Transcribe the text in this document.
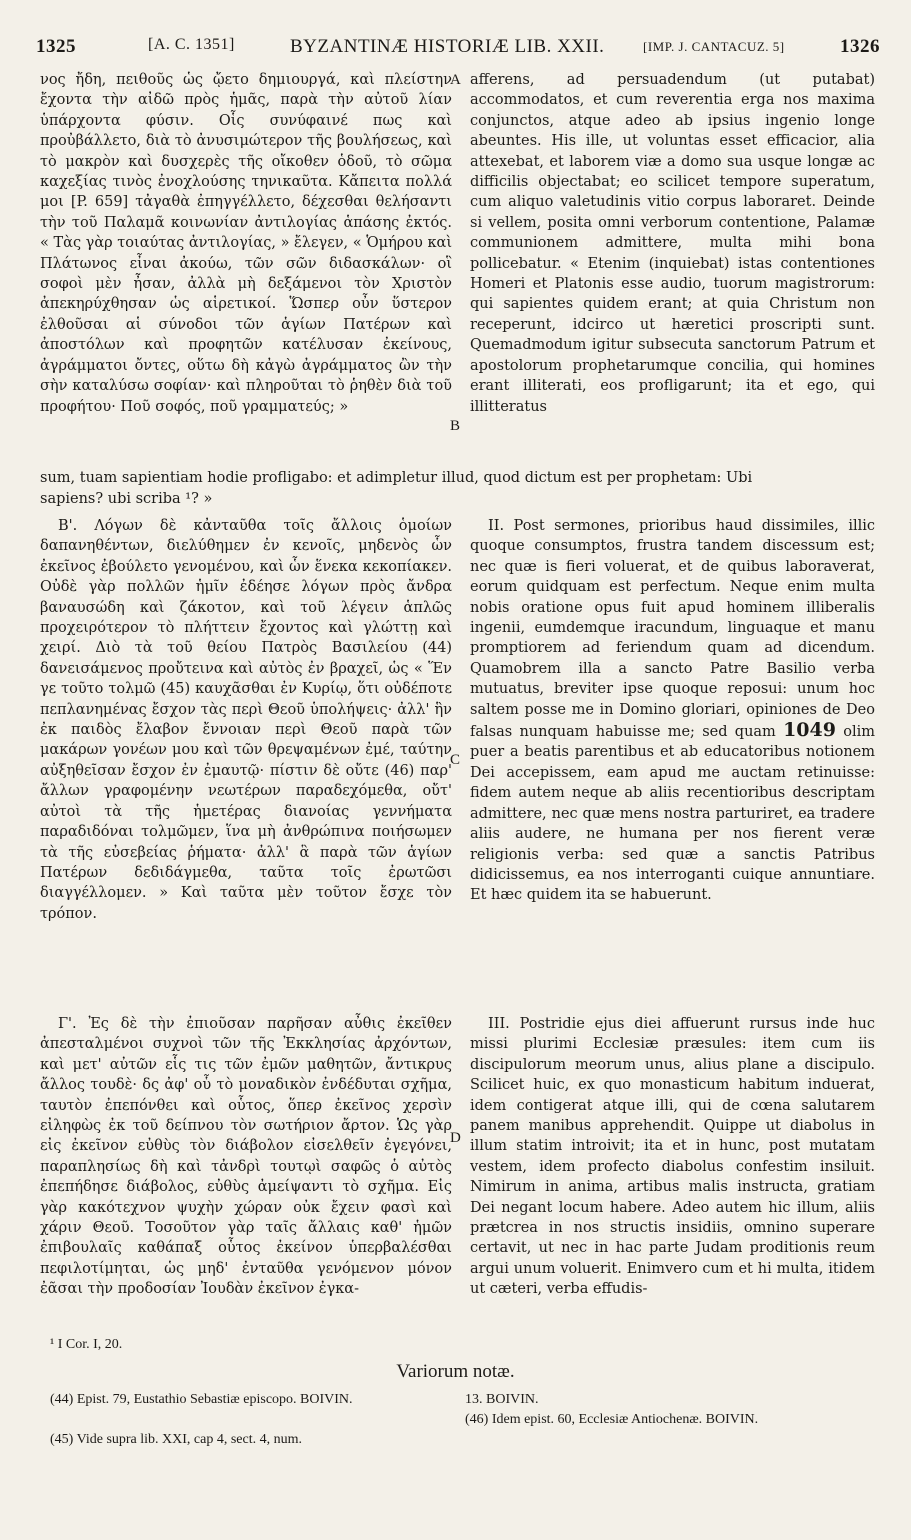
1325	[A. C. 1351]	BYZANTINÆ HISTORIÆ LIB. XXII.	[IMP. J. CANTACUZ. 5]	1326

νος ἤδη, πειθοῦς ὡς ᾤετο δημιουργά, καὶ πλείστην ἔχοντα τὴν αἰδῶ πρὸς ἡμᾶς, παρὰ τὴν αὐτοῦ λίαν ὑπάρχοντα φύσιν. Οἷς συνύφαινέ πως καὶ προὐβάλλετο, διὰ τὸ ἀνυσιμώτερον τῆς βουλήσεως, καὶ τὸ μακρὸν καὶ δυσχερὲς τῆς οἴκοθεν ὁδοῦ, τὸ σῶμα καχεξίας τινὸς ἐνοχλούσης τηνικαῦτα. Κἄπειτα πολλά μοι [P. 659] τἀγαθὰ ἐπηγγέλλετο, δέχεσθαι θελήσαντι τὴν τοῦ Παλαμᾶ κοινωνίαν ἀντιλογίας ἁπάσης ἐκτός. « Τὰς γὰρ τοιαύτας ἀντιλογίας, » ἔλεγεν, « Ὁμήρου καὶ Πλάτωνος εἶναι ἀκούω, τῶν σῶν διδασκάλων· οἳ σοφοὶ μὲν ἦσαν, ἀλλὰ μὴ δεξάμενοι τὸν Χριστὸν ἀπεκηρύχθησαν ὡς αἱρετικοί. Ὥσπερ οὖν ὕστερον ἐλθοῦσαι αἱ σύνοδοι τῶν ἁγίων Πατέρων καὶ ἀποστόλων καὶ προφητῶν κατέλυσαν ἐκείνους, ἀγράμματοι ὄντες, οὕτω δὴ κἀγὼ ἀγράμματος ὢν τὴν σὴν καταλύσω σοφίαν· καὶ πληροῦται τὸ ῥηθὲν διὰ τοῦ προφήτου· Ποῦ σοφός, ποῦ γραμματεύς; »

afferens, ad persuadendum (ut putabat) accommodatos, et cum reverentia erga nos maxima conjunctos, atque adeo ab ipsius ingenio longe abeuntes. His ille, ut voluntas esset efficacior, alia attexebat, et laborem viæ a domo sua usque longæ ac difficilis objectabat; eo scilicet tempore superatum, cum aliquo valetudinis vitio corpus laboraret. Deinde si vellem, posita omni verborum contentione, Palamæ communionem admittere, multa mihi bona pollicebatur. « Etenim (inquiebat) istas contentiones Homeri et Platonis esse audio, tuorum magistrorum: qui sapientes quidem erant; at quia Christum non receperunt, idcirco ut hæretici proscripti sunt. Quemadmodum igitur subsecuta sanctorum Patrum et apostolorum prophetarumque concilia, qui homines erant illiterati, eos profligarunt; ita et ego, qui illitteratus

A
B
sum, tuam sapientiam hodie profligabo: et adimpletur illud, quod dictum est per prophetam: Ubi
sapiens? ubi scriba ¹? »

Β'. Λόγων δὲ κἀνταῦθα τοῖς ἄλλοις ὁμοίων δαπανηθέντων, διελύθημεν ἐν κενοῖς, μηδενὸς ὧν ἐκεῖνος ἐβούλετο γενομένου, καὶ ὧν ἕνεκα κεκοπίακεν. Οὐδὲ γὰρ πολλῶν ἡμῖν ἐδέησε λόγων πρὸς ἄνδρα βαναυσώδη καὶ ζάκοτον, καὶ τοῦ λέγειν ἁπλῶς προχειρότερον τὸ πλήττειν ἔχοντος καὶ γλώττῃ καὶ χειρί. Διὸ τὰ τοῦ θείου Πατρὸς Βασιλείου (44) δανεισάμενος προὔτεινα καὶ αὐτὸς ἐν βραχεῖ, ὡς « Ἕν γε τοῦτο τολμῶ (45) καυχᾶσθαι ἐν Κυρίῳ, ὅτι οὐδέποτε πεπλανημένας ἔσχον τὰς περὶ Θεοῦ ὑπολήψεις· ἀλλ' ἣν ἐκ παιδὸς ἔλαβον ἔννοιαν περὶ Θεοῦ παρὰ τῶν μακάρων γονέων μου καὶ τῶν θρεψαμένων ἐμέ, ταύτην αὐξηθεῖσαν ἔσχον ἐν ἐμαυτῷ· πίστιν δὲ οὔτε (46) παρ' ἄλλων γραφομένην νεωτέρων παραδεχόμεθα, οὔτ' αὐτοὶ τὰ τῆς ἡμετέρας διανοίας γεννήματα παραδιδόναι τολμῶμεν, ἵνα μὴ ἀνθρώπινα ποιήσωμεν τὰ τῆς εὐσεβείας ῥήματα· ἀλλ' ἃ παρὰ τῶν ἁγίων Πατέρων δεδιδάγμεθα, ταῦτα τοῖς ἐρωτῶσι διαγγέλλομεν. » Καὶ ταῦτα μὲν τοῦτον ἔσχε τὸν τρόπον.

II. Post sermones, prioribus haud dissimiles, illic quoque consumptos, frustra tandem discessum est; nec quæ is fieri voluerat, et de quibus laboraverat, eorum quidquam est perfectum. Neque enim multa nobis oratione opus fuit apud hominem illiberalis ingenii, eumdemque iracundum, linguaque et manu promptiorem ad feriendum quam ad dicendum. Quamobrem illa a sancto Patre Basilio verba mutuatus, breviter ipse quoque reposui: unum hoc saltem posse me in Domino gloriari, opiniones de Deo falsas nunquam habuisse me; sed quam 1049 olim puer a beatis parentibus et ab educatoribus notionem Dei accepissem, eam apud me auctam retinuisse: fidem autem neque ab aliis recentioribus descriptam admittere, nec quæ mens nostra parturiret, ea tradere aliis audere, ne humana per nos fierent veræ religionis verba: sed quæ a sanctis Patribus didicissemus, ea nos interroganti cuique annuntiare. Et hæc quidem ita se habuerunt.

C

Γ'. Ἐς δὲ τὴν ἐπιοῦσαν παρῆσαν αὖθις ἐκεῖθεν ἀπεσταλμένοι συχνοὶ τῶν τῆς Ἐκκλησίας ἀρχόντων, καὶ μετ' αὐτῶν εἷς τις τῶν ἐμῶν μαθητῶν, ἄντικρυς ἄλλος τουδὲ· δς ἀφ' οὗ τὸ μοναδικὸν ἐνδέδυται σχῆμα, ταυτὸν ἐπεπόνθει καὶ οὗτος, ὅπερ ἐκεῖνος χερσὶν εἰληφὼς ἐκ τοῦ δείπνου τὸν σωτήριον ἄρτον. Ὡς γὰρ εἰς ἐκεῖνον εὐθὺς τὸν διάβολον εἰσελθεῖν ἐγεγόνει, παραπλησίως δὴ καὶ τἀνδρὶ τουτῳὶ σαφῶς ὁ αὐτὸς ἐπεπήδησε διάβολος, εὐθὺς ἀμείψαντι τὸ σχῆμα. Εἰς γὰρ κακότεχνον ψυχὴν χώραν οὐκ ἔχειν φασὶ καὶ χάριν Θεοῦ. Τοσοῦτον γὰρ ταῖς ἄλλαις καθ' ἡμῶν ἐπιβουλαῖς καθάπαξ οὗτος ἐκείνον ὑπερβαλέσθαι πεφιλοτίμηται, ὡς μηδ' ἐνταῦθα γενόμενον μόνον ἐᾶσαι τὴν προδοσίαν Ἰουδὰν ἐκεῖνον ἐγκα-

III. Postridie ejus diei affuerunt rursus inde huc missi plurimi Ecclesiæ præsules: item cum iis discipulorum meorum unus, alius plane a discipulo. Scilicet huic, ex quo monasticum habitum induerat, idem contigerat atque illi, qui de cœna salutarem panem manibus apprehendit. Quippe ut diabolus in illum statim introivit; ita et in hunc, post mutatam vestem, idem profecto diabolus confestim insiluit. Nimirum in anima, artibus malis instructa, gratiam Dei negant locum habere. Adeo autem hic illum, aliis prætcrea in nos structis insidiis, omnino superare certavit, ut nec in hac parte Judam proditionis reum argui unum voluerit. Enimvero cum et hi multa, itidem ut cæteri, verba effudis-

D
¹ I Cor. I, 20.
Variorum notæ.
(44) Epist. 79, Eustathio Sebastiæ episcopo. BOIVIN.
(45) Vide supra lib. XXI, cap 4, sect. 4, num.
13. BOIVIN.
(46) Idem epist. 60, Ecclesiæ Antiochenæ. BOIVIN.
